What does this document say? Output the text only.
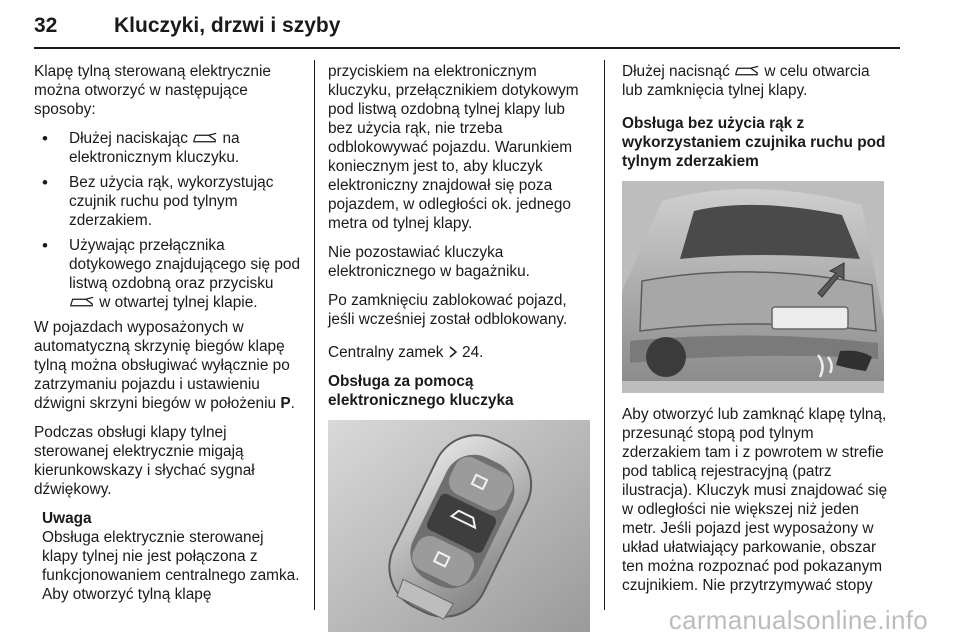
32	Kluczyki, drzwi i szyby

Klapę tylną sterowaną elektrycznie można otworzyć w następujące sposoby:

• Dłużej naciskając na elektronicznym kluczyku.
• Bez użycia rąk, wykorzystując czujnik ruchu pod tylnym zderzakiem.
• Używając przełącznika dotykowego znajdującego się pod listwą ozdobną oraz przycisku  w otwartej tylnej klapie.

W pojazdach wyposażonych w automatyczną skrzynię biegów klapę tylną można obsługiwać wyłącznie po zatrzymaniu pojazdu i ustawieniu dźwigni skrzyni biegów w położeniu P.

Podczas obsługi klapy tylnej sterowanej elektrycznie migają kierunkowskazy i słychać sygnał dźwiękowy.

Uwaga
Obsługa elektrycznie sterowanej klapy tylnej nie jest połączona z funkcjonowaniem centralnego zamka. Aby otworzyć tylną klapę

przyciskiem na elektronicznym kluczyku, przełącznikiem dotykowym pod listwą ozdobną tylnej klapy lub bez użycia rąk, nie trzeba odblokowywać pojazdu. Warunkiem koniecznym jest to, aby kluczyk elektroniczny znajdował się poza pojazdem, w odległości ok. jednego metra od tylnej klapy.

Nie pozostawiać kluczyka elektronicznego w bagażniku.

Po zamknięciu zablokować pojazd, jeśli wcześniej został odblokowany.

Centralny zamek 24.

Obsługa za pomocą elektronicznego kluczyka

Dłużej nacisnąć w celu otwarcia lub zamknięcia tylnej klapy.

Obsługa bez użycia rąk z wykorzystaniem czujnika ruchu pod tylnym zderzakiem

Aby otworzyć lub zamknąć klapę tylną, przesunąć stopą pod tylnym zderzakiem tam i z powrotem w strefie pod tablicą rejestracyjną (patrz ilustracja). Kluczyk musi znajdować się w odległości nie większej niż jeden metr. Jeśli pojazd jest wyposażony w układ ułatwiający parkowanie, obszar ten można rozpoznać pod pokazanym czujnikiem. Nie przytrzymywać stopy

carmanualsonline.info
